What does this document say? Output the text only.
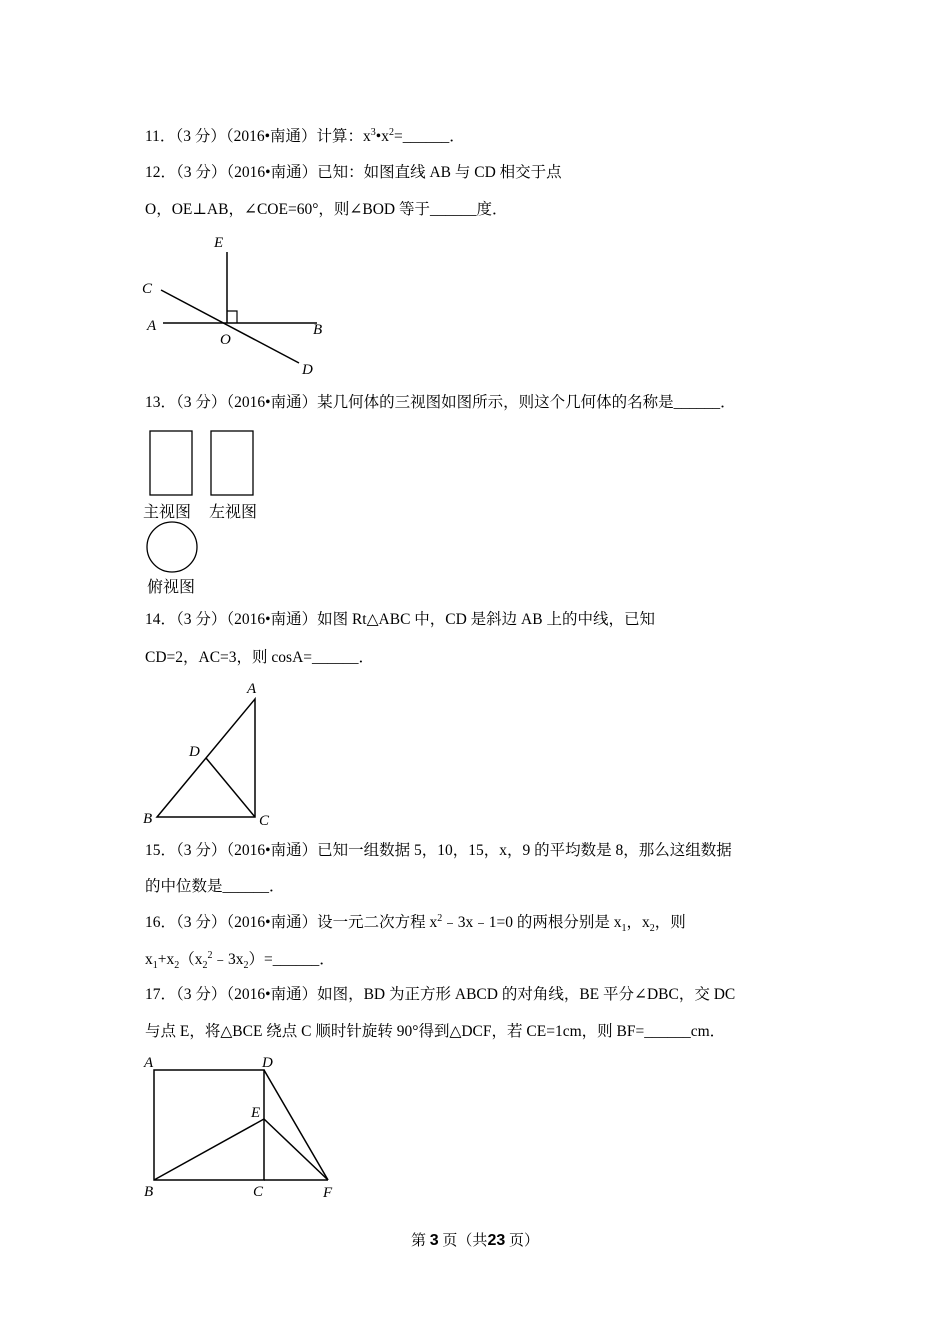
11．（3 分）（2016•南通）计算：$x^3•x^2=\_\_\_\_\_\_$．
12．（3 分）（2016•南通）已知：如图直线 AB 与 CD 相交于点
O，OE⊥AB，∠COE=60°，则∠BOD 等于______度．
E
C
A
O
B
D
13．（3 分）（2016•南通）某几何体的三视图如图所示，则这个几何体的名称是______．
主视图 左视图
俯视图
14．（3 分）（2016•南通）如图 Rt△ABC 中，CD 是斜边 AB 上的中线，已知
CD=2，AC=3，则 cosA=______．
A
D
B	C
15．（3 分）（2016•南通）已知一组数据 5，10，15，x，9 的平均数是 8，那么这组数据
的中位数是______．
16．（3 分）（2016•南通）设一元二次方程 $x^2﹣3x﹣1=0$ 的两根分别是 $x_1$，$x_2$，则
$x_1+x_2(x_2^2﹣3x_2)=\_\_\_\_\_\_$．
17．（3 分）（2016•南通）如图，BD 为正方形 ABCD 的对角线，BE 平分∠DBC，交 DC
与点 E，将△BCE 绕点 C 顺时针旋转 90°得到△DCF，若 CE=1cm，则 BF=______cm．
A	D
E
B	C	F
第 3 页（共23 页）
